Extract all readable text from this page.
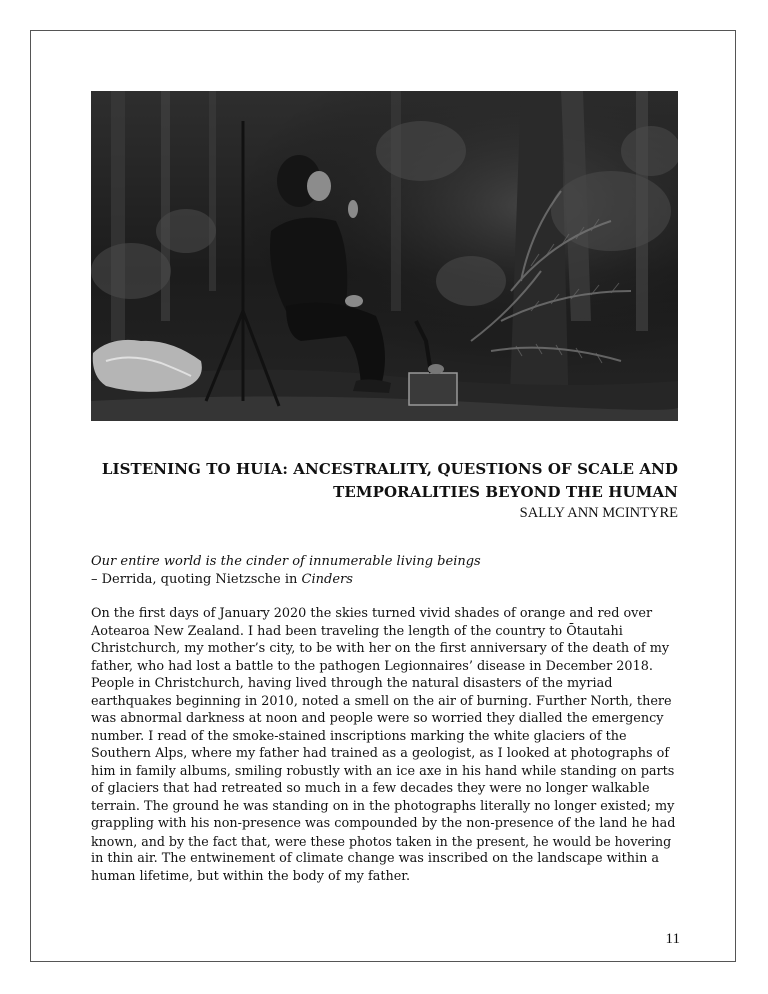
LISTENING TO HUIA: ANCESTRALITY, QUESTIONS OF SCALE AND
TEMPORALITIES BEYOND THE HUMAN
SALLY ANN MCINTYRE
Our entire world is the cinder of innumerable living beings
– Derrida, quoting Nietzsche in Cinders
On the first days of January 2020 the skies turned vivid shades of orange and red over
Aotearoa New Zealand. I had been traveling the length of the country to Ōtautahi
Christchurch, my mother’s city, to be with her on the first anniversary of the death of my
father, who had lost a battle to the pathogen Legionnaires’ disease in December 2018.
People in Christchurch, having lived through the natural disasters of the myriad
earthquakes beginning in 2010, noted a smell on the air of burning. Further North, there
was abnormal darkness at noon and people were so worried they dialled the emergency
number. I read of the smoke-stained inscriptions marking the white glaciers of the
Southern Alps, where my father had trained as a geologist, as I looked at photographs of
him in family albums, smiling robustly with an ice axe in his hand while standing on parts
of glaciers that had retreated so much in a few decades they were no longer walkable
terrain. The ground he was standing on in the photographs literally no longer existed; my
grappling with his non-presence was compounded by the non-presence of the land he had
known, and by the fact that, were these photos taken in the present, he would be hovering
in thin air. The entwinement of climate change was inscribed on the landscape within a
human lifetime, but within the body of my father.
11
